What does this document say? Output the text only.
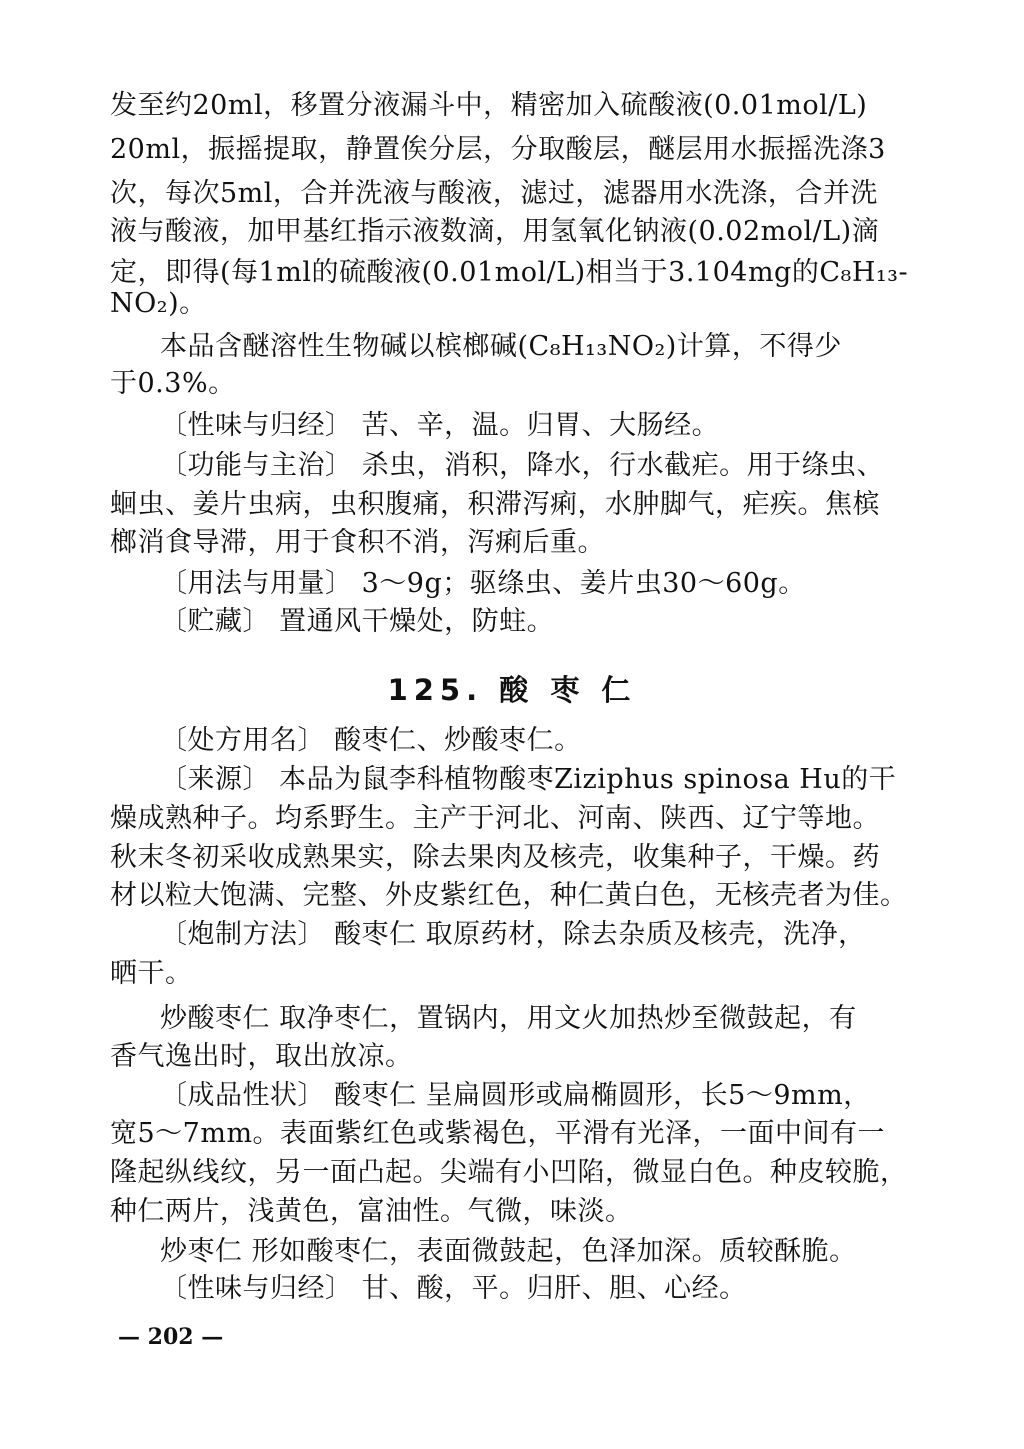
发至约20ml，移置分液漏斗中，精密加入硫酸液(0.01mol/L)
20ml，振摇提取，静置俟分层，分取酸层，醚层用水振摇洗涤3
次，每次5ml，合并洗液与酸液，滤过，滤器用水洗涤，合并洗
液与酸液，加甲基红指示液数滴，用氢氧化钠液(0.02mol/L)滴
定，即得(每1ml的硫酸液(0.01mol/L)相当于3.104mg的C₈H₁₃-
NO₂)。
本品含醚溶性生物碱以槟榔碱(C₈H₁₃NO₂)计算，不得少
于0.3%。
〔性味与归经〕 苦、辛，温。归胃、大肠经。
〔功能与主治〕 杀虫，消积，降水，行水截疟。用于绦虫、
蛔虫、姜片虫病，虫积腹痛，积滞泻痢，水肿脚气，疟疾。焦槟
榔消食导滞，用于食积不消，泻痢后重。
〔用法与用量〕 3～9g；驱绦虫、姜片虫30～60g。
〔贮藏〕 置通风干燥处，防蛀。
125. 酸 枣 仁
〔处方用名〕 酸枣仁、炒酸枣仁。
〔来源〕 本品为鼠李科植物酸枣Ziziphus spinosa Hu的干
燥成熟种子。均系野生。主产于河北、河南、陕西、辽宁等地。
秋末冬初采收成熟果实，除去果肉及核壳，收集种子，干燥。药
材以粒大饱满、完整、外皮紫红色，种仁黄白色，无核壳者为佳。
〔炮制方法〕 酸枣仁 取原药材，除去杂质及核壳，洗净，
晒干。
炒酸枣仁 取净枣仁，置锅内，用文火加热炒至微鼓起，有
香气逸出时，取出放凉。
〔成品性状〕 酸枣仁 呈扁圆形或扁椭圆形，长5～9mm，
宽5～7mm。表面紫红色或紫褐色，平滑有光泽，一面中间有一
隆起纵线纹，另一面凸起。尖端有小凹陷，微显白色。种皮较脆，
种仁两片，浅黄色，富油性。气微，味淡。
炒枣仁 形如酸枣仁，表面微鼓起，色泽加深。质较酥脆。
〔性味与归经〕 甘、酸，平。归肝、胆、心经。
— 202 —
